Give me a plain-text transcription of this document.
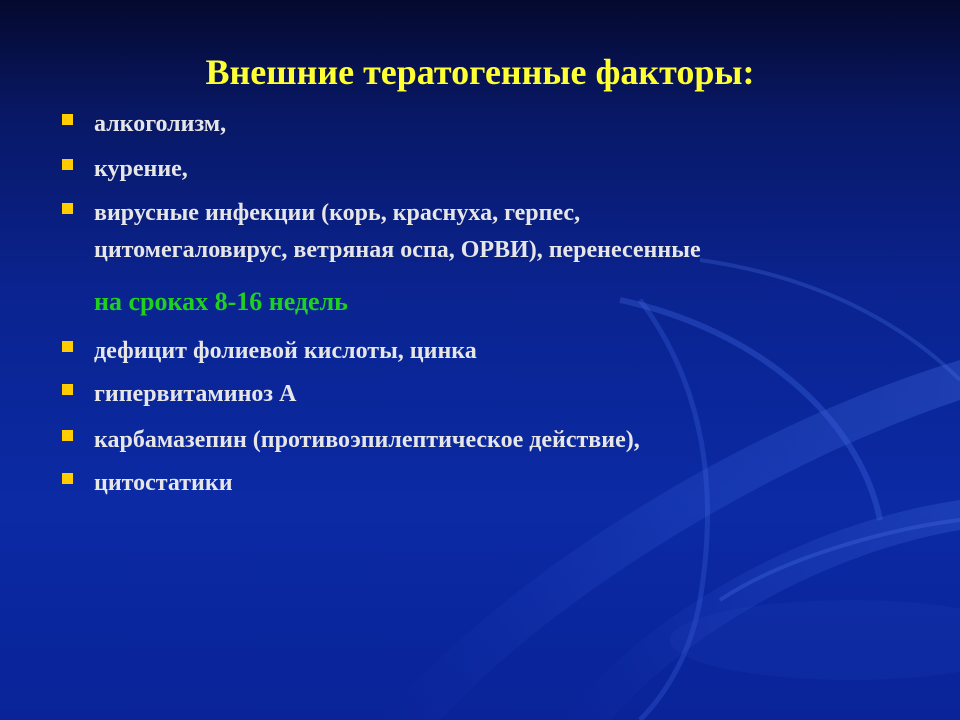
Внешние тератогенные факторы:
алкоголизм,
курение,
вирусные инфекции (корь, краснуха, герпес,
цитомегаловирус, ветряная оспа, ОРВИ), перенесенные
дефицит фолиевой кислоты, цинка
гипервитаминоз А
карбамазепин (противоэпилептическое действие),
цитостатики
на сроках 8-16 недель
